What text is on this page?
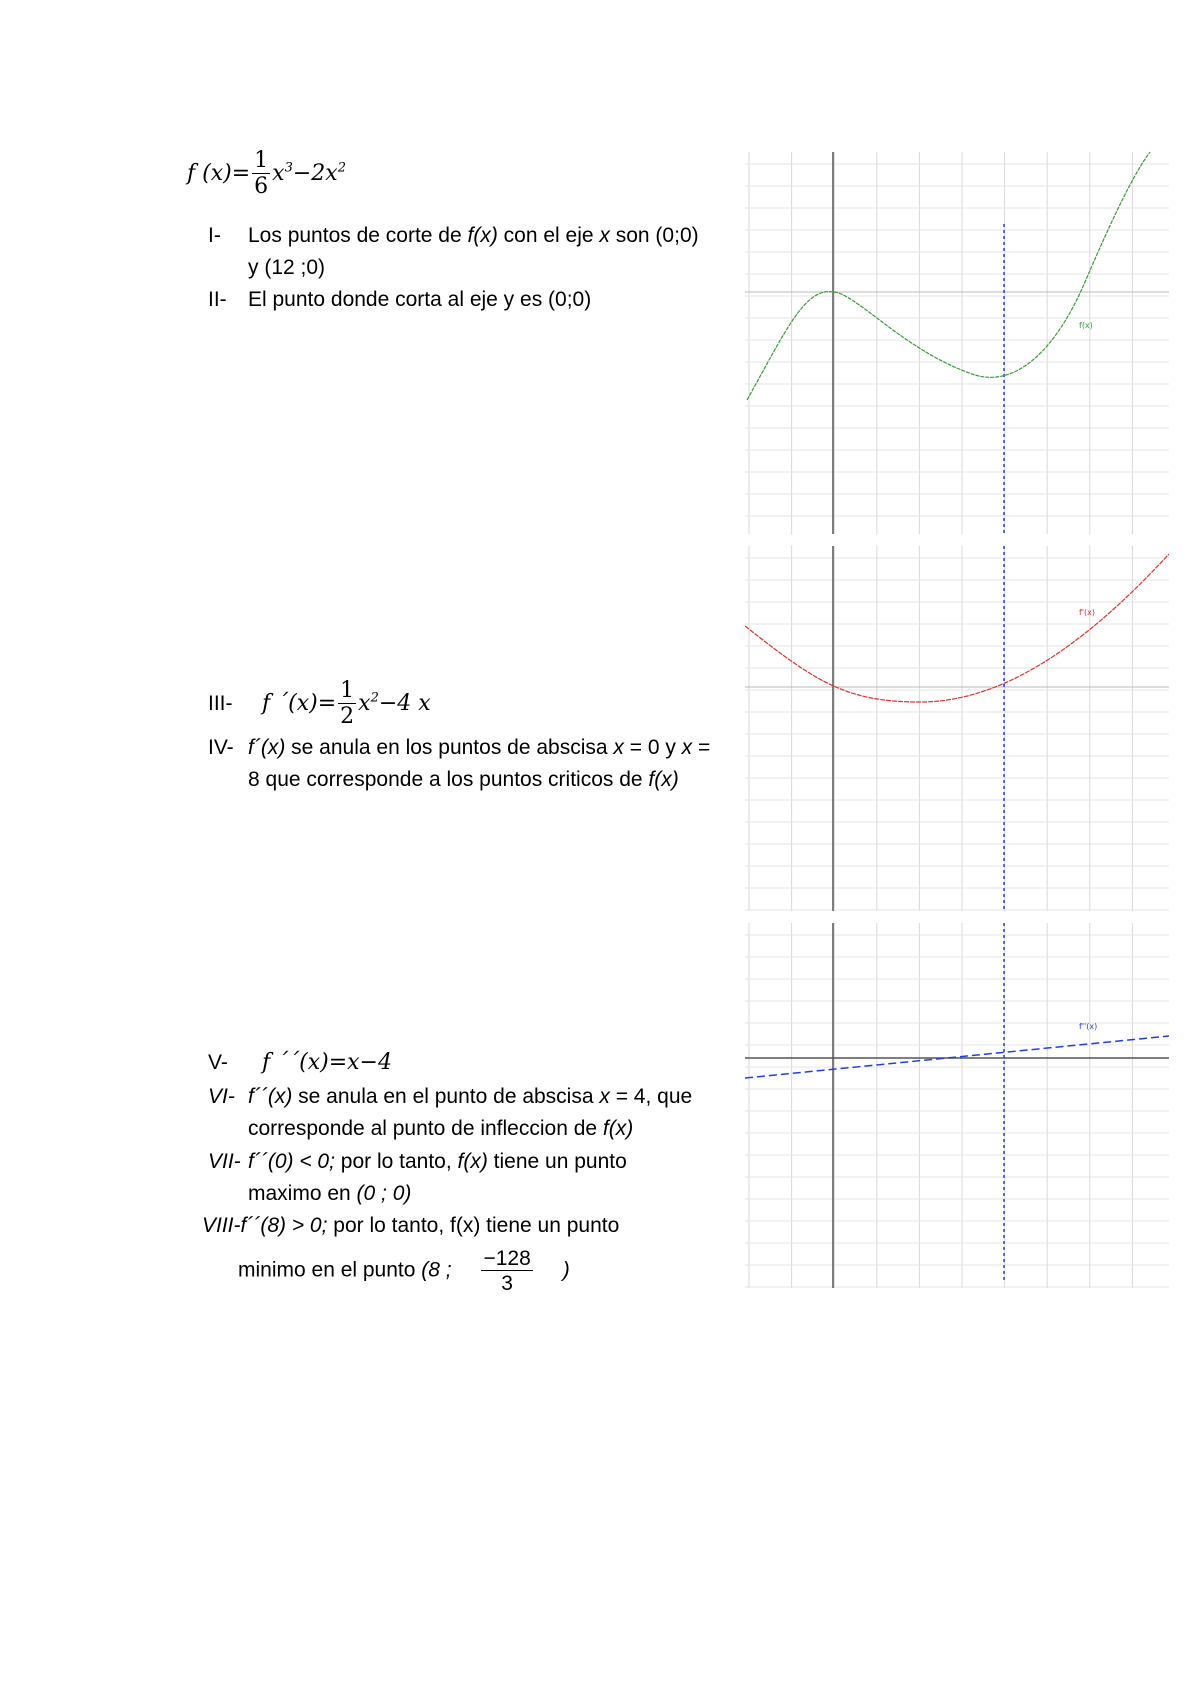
f $(x)= \frac{1}{6} x^3-2x^2$
I- Los puntos de corte de f(x) con el eje x son (0;0)
y (12 ;0)
II- El punto donde corta al eje y es (0;0)
III- f ´(x)= $\frac{1}{2} x^2-4$ x
IV- f´(x) se anula en los puntos de abscisa x = 0 y x =
8 que corresponde a los puntos criticos de f(x)
V- f ´´(x)=x−4
VI- f´´(x) se anula en el punto de abscisa x = 4, que
corresponde al punto de infleccion de f(x)
VII- f´´(0) < 0; por lo tanto, f(x) tiene un punto
maximo en (0 ; 0)
VIII-f´´(8) > 0; por lo tanto, f(x) tiene un punto
minimo en el punto (8 ; $\frac{-128}{3}$ )
f(x)
f'(x)
f''(x)
